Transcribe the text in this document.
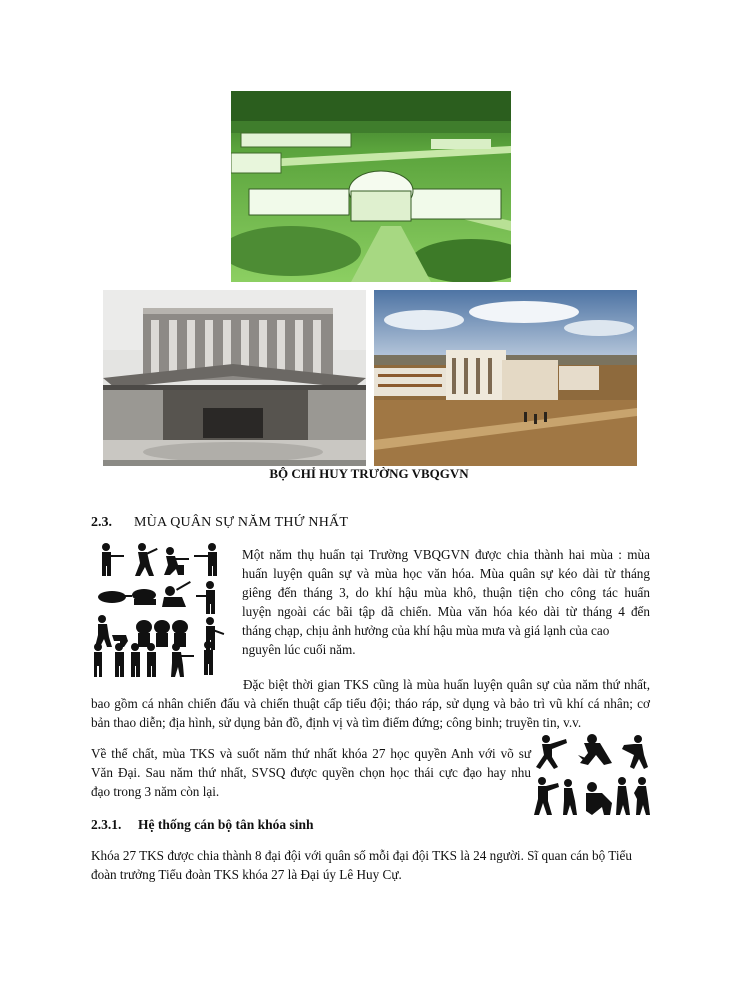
BỘ CHỈ HUY TRƯỜNG VBQGVN
2.3. MÙA QUÂN SỰ NĂM THỨ NHẤT
Một năm thụ huấn tại Trường VBQGVN được chia thành hai mùa : mùa
huấn luyện quân sự và mùa học văn hóa. Mùa quân sự kéo dài từ tháng
giêng đến tháng 3, do khí hậu mùa khô, thuận tiện cho công tác huấn
luyện ngoài các bãi tập dã chiến. Mùa văn hóa kéo dài từ tháng 4 đến
tháng chạp, chịu ảnh hưởng của khí hậu mùa mưa và giá lạnh của cao
nguyên lúc cuối năm.
Đặc biệt thời gian TKS cũng là mùa huấn luyện quân sự của năm thứ nhất, bao gồm cá nhân chiến đấu và chiến thuật cấp tiểu đội; tháo ráp, sử dụng và bảo trì vũ khí cá nhân; cơ bản thao diễn; địa hình, sử dụng bản đồ, định vị và tìm điểm đứng; công binh; truyền tin, v.v.
Về thể chất, mùa TKS và suốt năm thứ nhất khóa 27 học quyền Anh với võ sư
Văn Đại. Sau năm thứ nhất, SVSQ được quyền chọn học thái cực đạo hay nhu
đạo trong 3 năm còn lại.
2.3.1. Hệ thống cán bộ tân khóa sinh
Khóa 27 TKS được chia thành 8 đại đội với quân số mỗi đại đội TKS là 24 người. Sĩ quan cán bộ Tiểu đoàn trưởng Tiểu đoàn TKS khóa 27 là Đại úy Lê Huy Cự.
